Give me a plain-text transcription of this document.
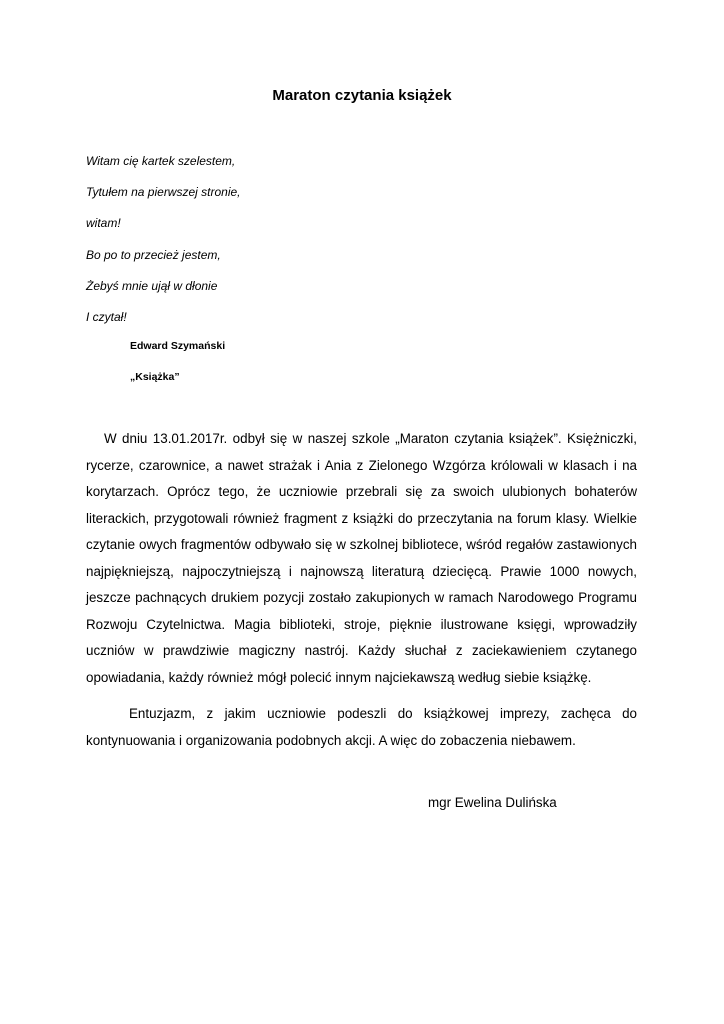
Maraton czytania książek
Witam cię kartek szelestem,
Tytułem na pierwszej stronie,
witam!
Bo po to przecież jestem,
Żebyś mnie ujął w dłonie
I czytał!
Edward Szymański
„Książka”

W dniu 13.01.2017r. odbył się w naszej szkole „Maraton czytania książek”. Księżniczki, rycerze, czarownice, a nawet strażak i Ania z Zielonego Wzgórza królowali w klasach i na korytarzach. Oprócz tego, że uczniowie przebrali się za swoich ulubionych bohaterów literackich, przygotowali również fragment z książki do przeczytania na forum klasy. Wielkie czytanie owych fragmentów odbywało się w szkolnej bibliotece, wśród regałów zastawionych najpiękniejszą, najpoczytniejszą i najnowszą literaturą dziecięcą. Prawie 1000 nowych, jeszcze pachnących drukiem pozycji zostało zakupionych w ramach Narodowego Programu Rozwoju Czytelnictwa. Magia biblioteki, stroje, pięknie ilustrowane księgi, wprowadziły uczniów w prawdziwie magiczny nastrój. Każdy słuchał z zaciekawieniem czytanego opowiadania, każdy również mógł polecić innym najciekawszą według siebie książkę.

Entuzjazm, z jakim uczniowie podeszli do książkowej imprezy, zachęca do kontynuowania i organizowania podobnych akcji. A więc do zobaczenia niebawem.

mgr Ewelina Dulińska
